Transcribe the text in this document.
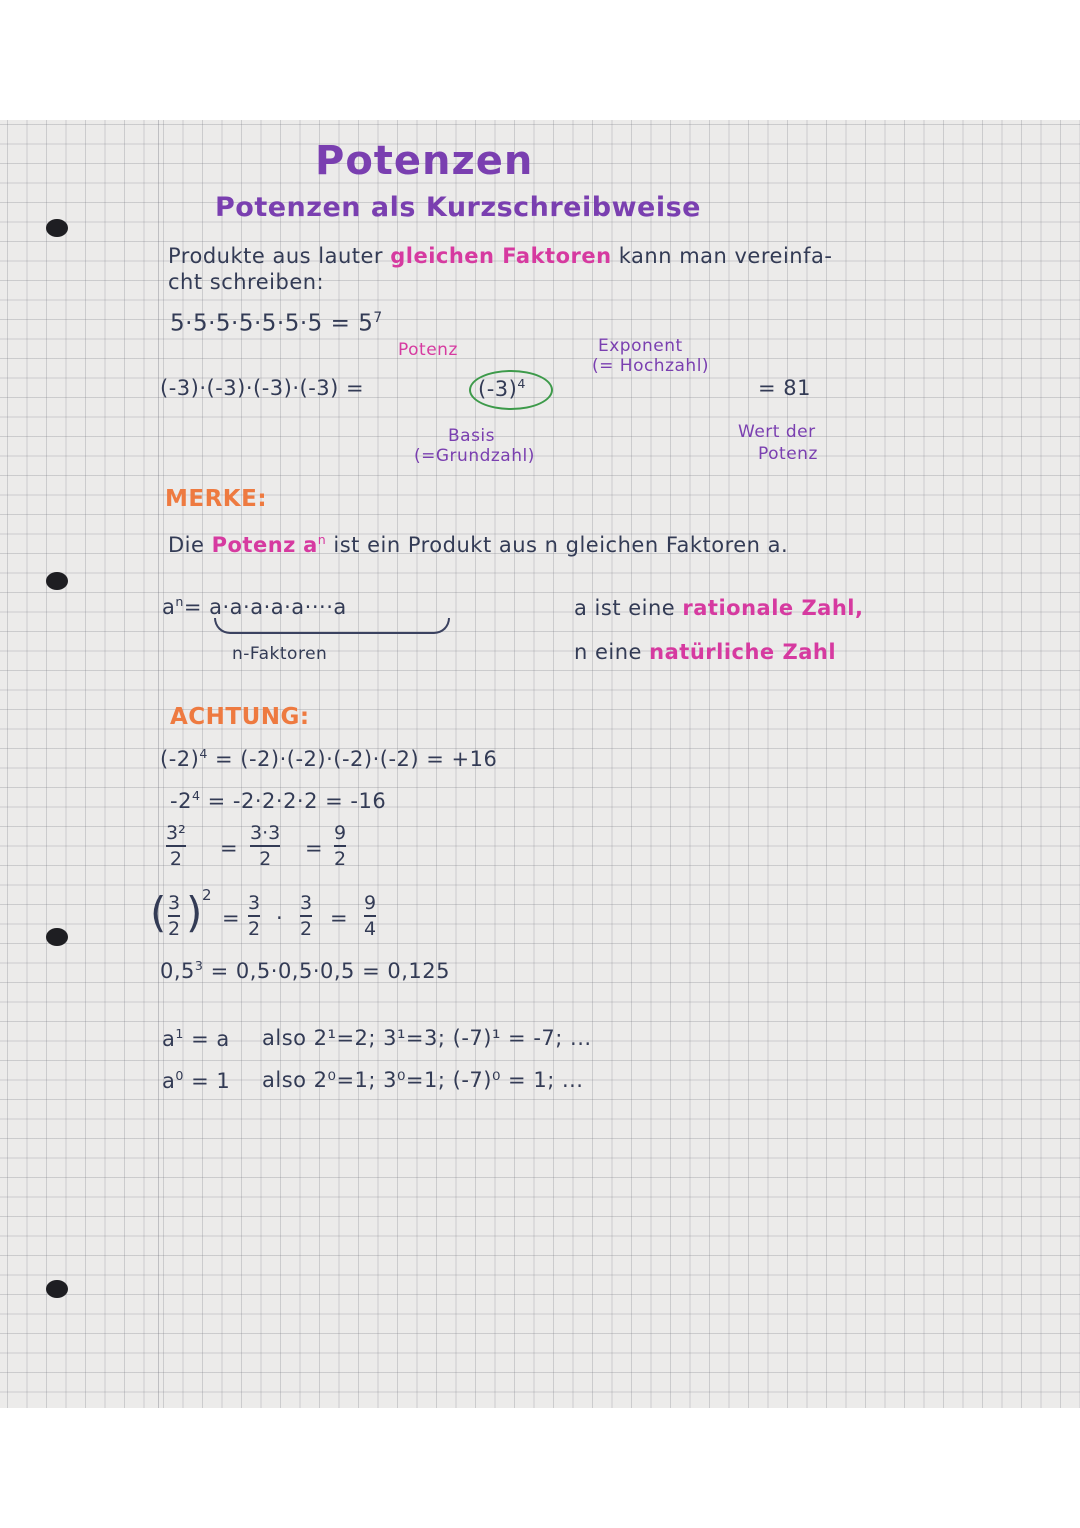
Potenzen
Potenzen als Kurzschreibweise
Produkte aus lauter gleichen Faktoren kann man vereinfa-
cht schreiben:
$5\cdot 5\cdot 5\cdot 5\cdot 5\cdot 5\cdot 5 = 5^7$
Potenz
(-3)·(-3)·(-3)·(-3) =	$(-3)^4$
Exponent
(= Hochzahl)
= 81
Basis
(=Grundzahl)
Wert der
Potenz
MERKE:
Die Potenz $a^n$ ist ein Produkt aus n gleichen Faktoren a.
$a^n= a\cdot a\cdot a\cdot a\cdot a\cdot\cdot\cdot\cdot a$
n-Faktoren
a ist eine rationale Zahl,
n eine natürliche Zahl
ACHTUNG:
$(-2)^4 = (-2)\cdot(-2)\cdot(-2)\cdot(-2) = +16$
$-2^4 = -2\cdot 2\cdot 2\cdot 2 = -16$
3²
2 =
3·3
2 =
9
2
( 3
2 ) 2
=
3
2 ·
3
2 =
9
4
$0,5^3 = 0,5\cdot 0,5\cdot 0,5 = 0,125$
$a^1 = a$ also 2¹=2; 3¹=3; (-7)¹ = -7; ...
$a^0 = 1$ also 2⁰=1; 3⁰=1; (-7)⁰ = 1; ...
